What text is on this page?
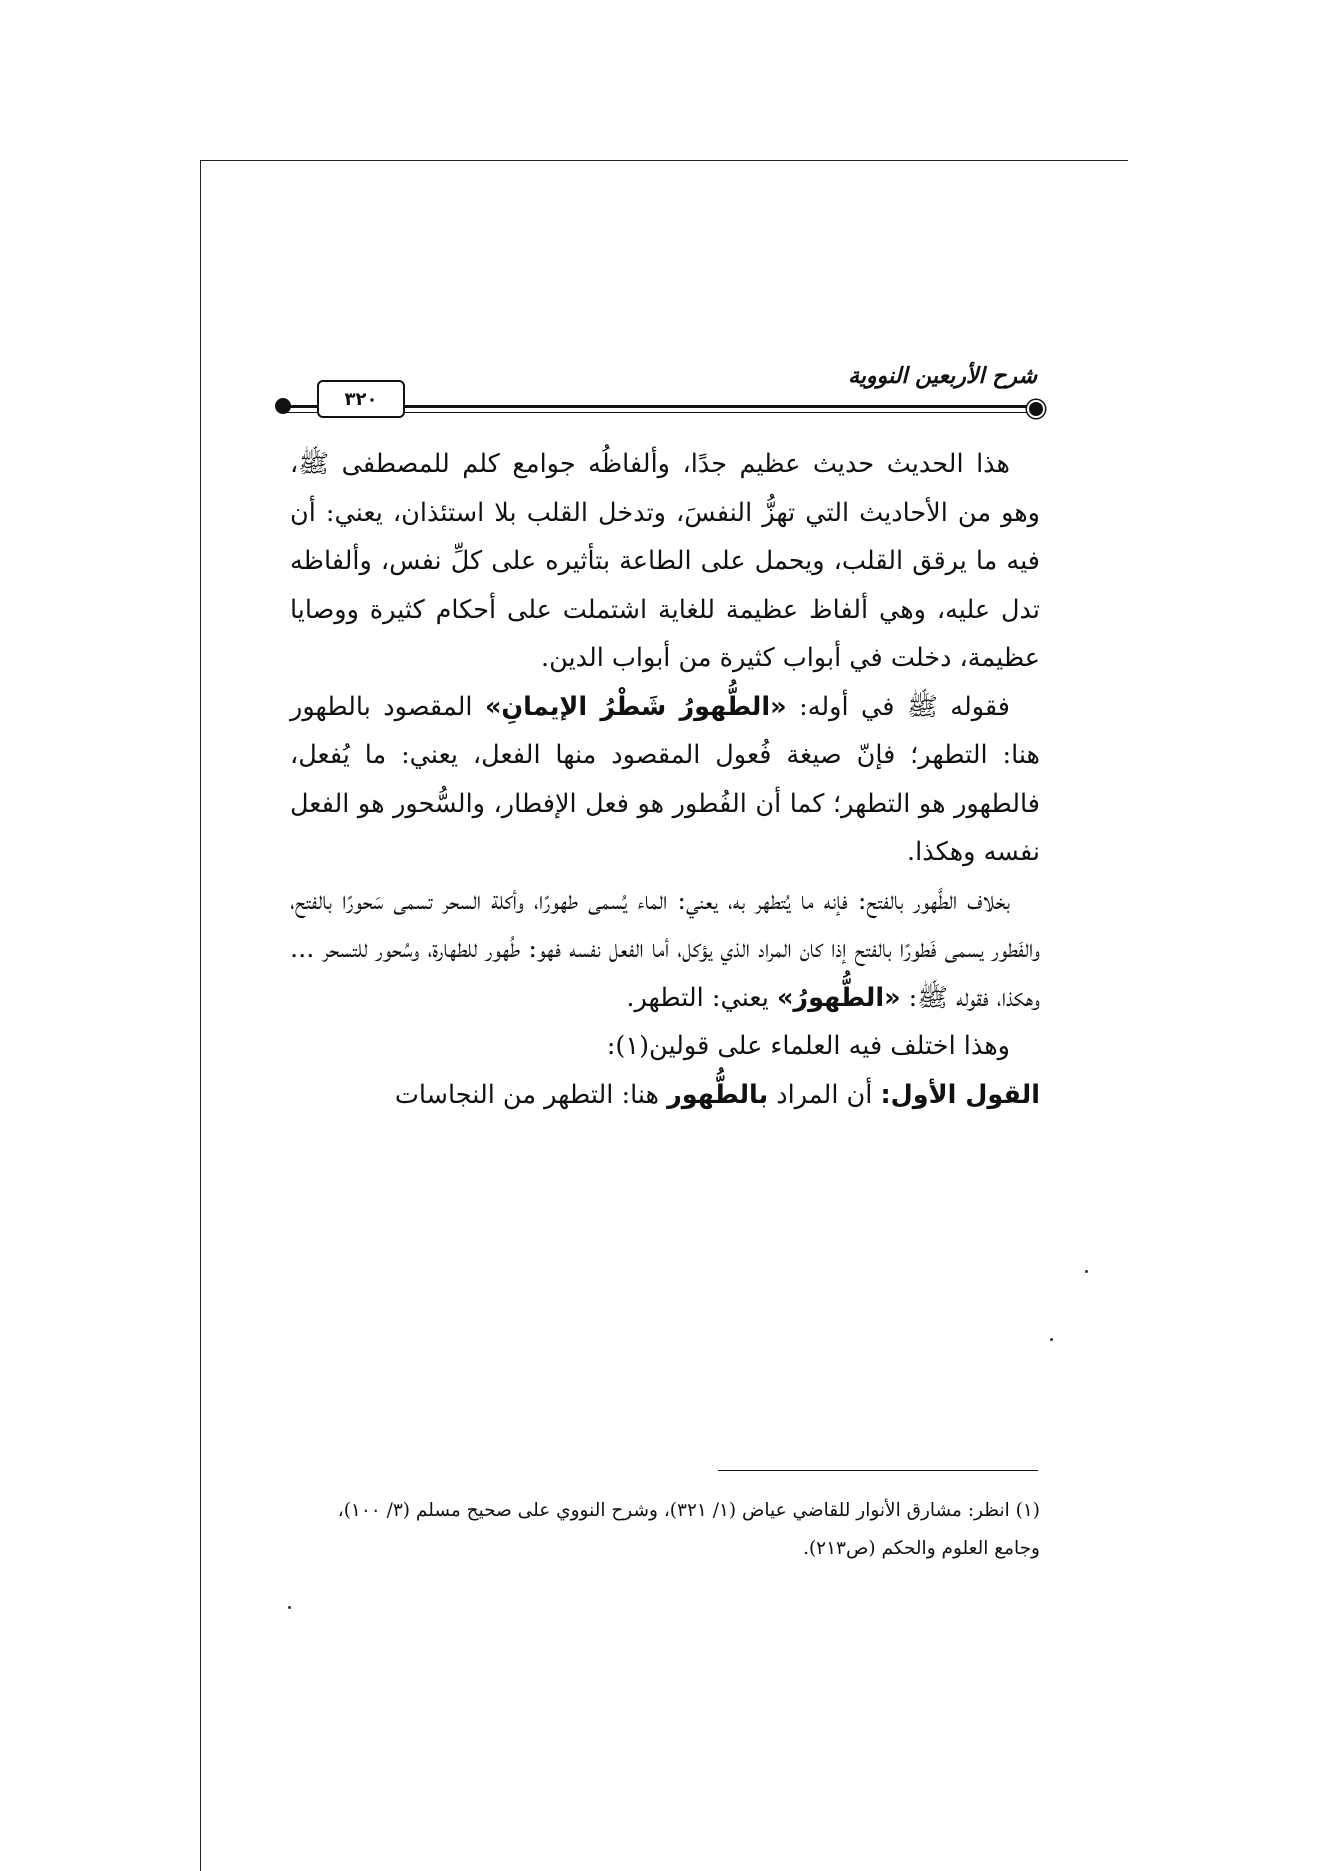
شرح الأربعين النووية
٣٢٠

هذا الحديث حديث عظيم جدًا، وألفاظُه جوامع كلم للمصطفى ﷺ، وهو من الأحاديث التي تهزُّ النفسَ، وتدخل القلب بلا استئذان، يعني: أن فيه ما يرقق القلب، ويحمل على الطاعة بتأثيره على كلِّ نفس، وألفاظه تدل عليه، وهي ألفاظ عظيمة للغاية اشتملت على أحكام كثيرة ووصايا عظيمة، دخلت في أبواب كثيرة من أبواب الدين.

فقوله ﷺ في أوله: «الطُّهورُ شَطْرُ الإيمانِ» المقصود بالطهور هنا: التطهر؛ فإنّ صيغة فُعول المقصود منها الفعل، يعني: ما يُفعل، فالطهور هو التطهر؛ كما أن الفُطور هو فعل الإفطار، والسُّحور هو الفعل نفسه وهكذا.

بخلاف الطَّهور بالفتح: فإنه ما يُتطهر به، يعني: الماء يُسمى طهورًا، وأكلة السحر تسمى سَحورًا بالفتح، والفَطور يسمى فَطورًا بالفتح إذا كان المراد الذي يؤكل، أما الفعل نفسه فهو: طُهور للطهارة، وسُحور للتسحر ... وهكذا، فقوله ﷺ: «الطُّهورُ» يعني: التطهر.

وهذا اختلف فيه العلماء على قولين(١):

القول الأول: أن المراد بالطُّهور هنا: التطهر من النجاسات

(١) انظر: مشارق الأنوار للقاضي عياض (١/ ٣٢١)، وشرح النووي على صحيح مسلم (٣/ ١٠٠)،

وجامع العلوم والحكم (ص٢١٣).
